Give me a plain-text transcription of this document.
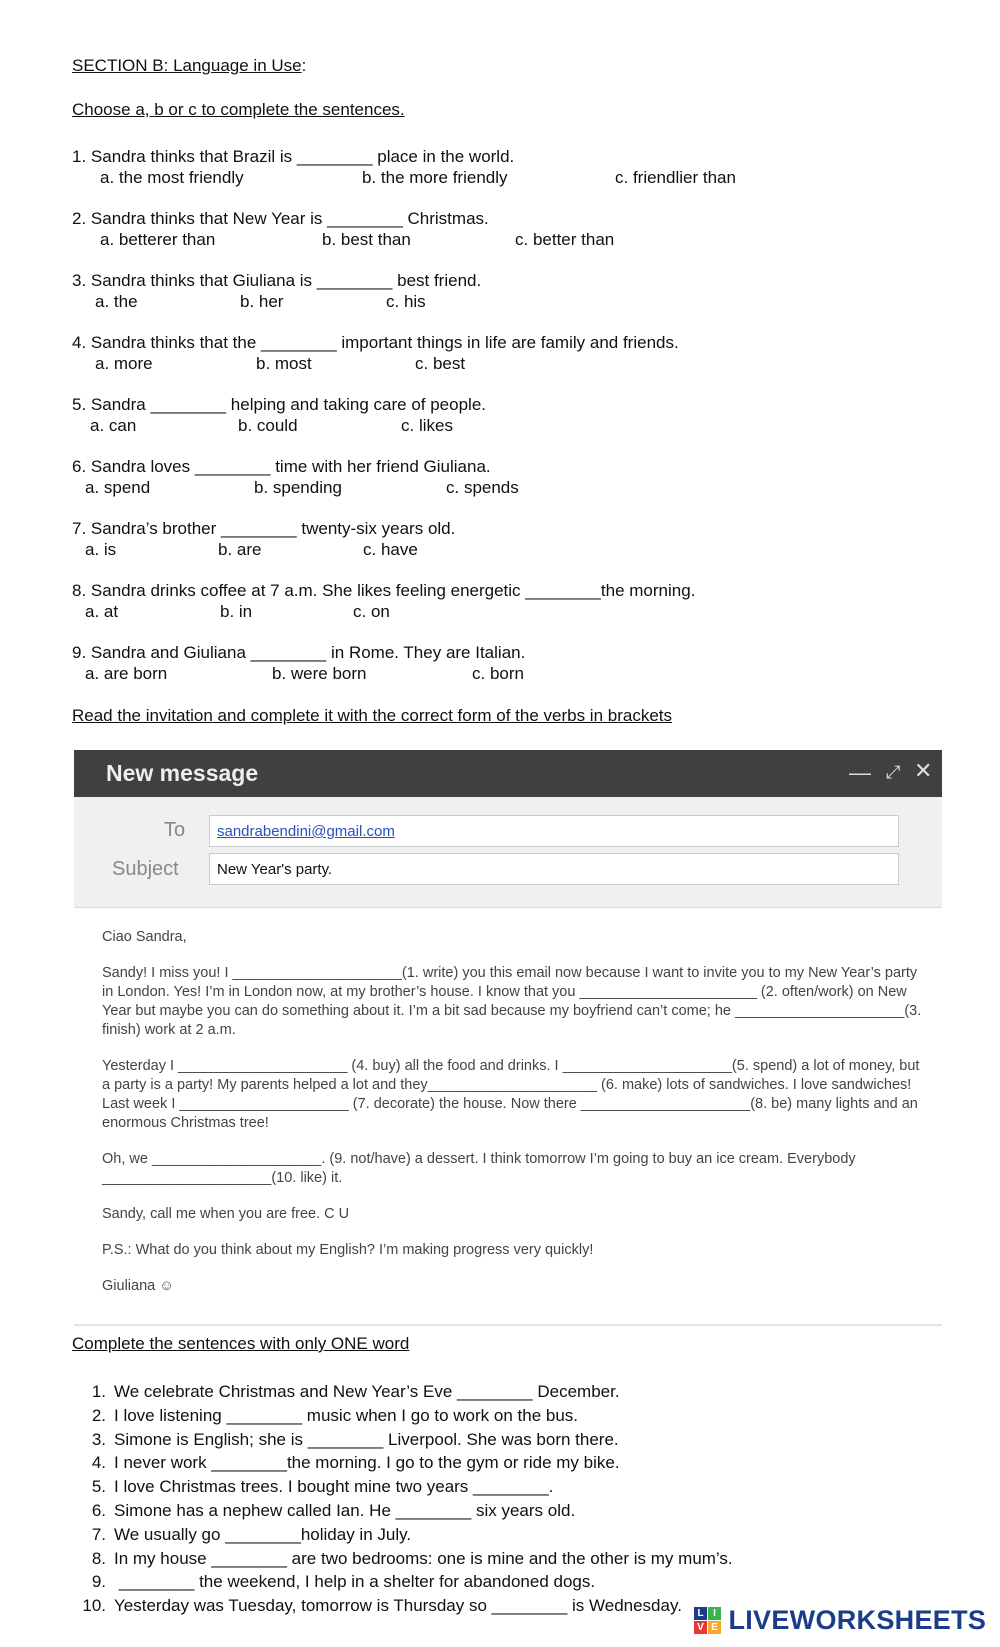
SECTION B: Language in Use:
Choose a, b or c to complete the sentences.
1. Sandra thinks that Brazil is ________ place in the world.
a. the most friendly	b. the more friendly	c. friendlier than
2. Sandra thinks that New Year is ________ Christmas.
a. betterer than	b. best than	c. better than
3. Sandra thinks that Giuliana is ________ best friend.
a. the	b. her	c. his
4. Sandra thinks that the ________ important things in life are family and friends.
a. more	b. most	c. best
5. Sandra ________ helping and taking care of people.
a. can	b. could	c. likes
6. Sandra loves ________ time with her friend Giuliana.
a. spend	b. spending	c. spends
7. Sandra’s brother ________ twenty-six years old.
a. is	b. are	c. have
8. Sandra drinks coffee at 7 a.m. She likes feeling energetic ________the morning.
a. at	b. in	c. on
9. Sandra and Giuliana ________ in Rome. They are Italian.
a. are born	b. were born	c. born
Read the invitation and complete it with the correct form of the verbs in brackets
New message	— ⤢ ✕
To sandrabendini@gmail.com
Subject	New Year's party.

Ciao Sandra,

Sandy! I miss you! I _____________________(1. write) you this email now because I want to invite you to my New Year’s party in London. Yes! I’m in London now, at my brother’s house. I know that you ______________________ (2. often/work) on New Year but maybe you can do something about it. I’m a bit sad because my boyfriend can’t come; he _____________________(3. finish) work at 2 a.m.

Yesterday I _____________________ (4. buy) all the food and drinks. I _____________________(5. spend) a lot of money, but a party is a party! My parents helped a lot and they_____________________ (6. make) lots of sandwiches. I love sandwiches! Last week I _____________________ (7. decorate) the house. Now there _____________________(8. be) many lights and an enormous Christmas tree!

Oh, we _____________________. (9. not/have) a dessert. I think tomorrow I’m going to buy an ice cream. Everybody _____________________(10. like) it.

Sandy, call me when you are free. C U

P.S.: What do you think about my English? I’m making progress very quickly!

Giuliana ☺

Complete the sentences with only ONE word
1. We celebrate Christmas and New Year’s Eve ________ December.
2. I love listening ________ music when I go to work on the bus.
3. Simone is English; she is ________ Liverpool. She was born there.
4. I never work ________the morning. I go to the gym or ride my bike.
5. I love Christmas trees. I bought mine two years ________.
6. Simone has a nephew called Ian. He ________ six years old.
7. We usually go ________holiday in July.
8. In my house ________ are two bedrooms: one is mine and the other is my mum’s.
9. ________ the weekend, I help in a shelter for abandoned dogs.
10. Yesterday was Tuesday, tomorrow is Thursday so ________ is Wednesday.	L I
V E LIVEWORKSHEETS
